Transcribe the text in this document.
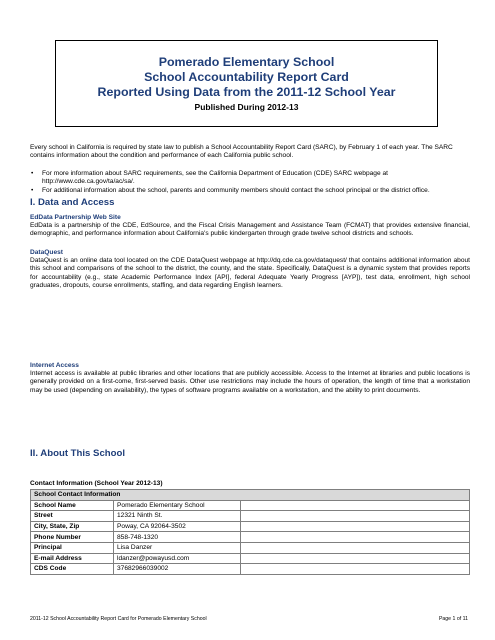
Pomerado Elementary School
School Accountability Report Card
Reported Using Data from the 2011-12 School Year
Published During 2012-13
Every school in California is required by state law to publish a School Accountability Report Card (SARC), by February 1 of each year. The SARC contains information about the condition and performance of each California public school.
• For more information about SARC requirements, see the California Department of Education (CDE) SARC webpage at http://www.cde.ca.gov/ta/ac/sa/.
• For additional information about the school, parents and community members should contact the school principal or the district office.
I. Data and Access
EdData Partnership Web Site
EdData is a partnership of the CDE, EdSource, and the Fiscal Crisis Management and Assistance Team (FCMAT) that provides extensive financial, demographic, and performance information about California's public kindergarten through grade twelve school districts and schools.
DataQuest
DataQuest is an online data tool located on the CDE DataQuest webpage at http://dq.cde.ca.gov/dataquest/ that contains additional information about this school and comparisons of the school to the district, the county, and the state. Specifically, DataQuest is a dynamic system that provides reports for accountability (e.g., state Academic Performance Index [API], federal Adequate Yearly Progress [AYP]), test data, enrollment, high school graduates, dropouts, course enrollments, staffing, and data regarding English learners.
Internet Access
Internet access is available at public libraries and other locations that are publicly accessible. Access to the Internet at libraries and public locations is generally provided on a first-come, first-served basis. Other use restrictions may include the hours of operation, the length of time that a workstation may be used (depending on availability), the types of software programs available on a workstation, and the ability to print documents.
II. About This School
Contact Information (School Year 2012-13)
School Contact Information		
School Name	Pomerado Elementary School	
Street	12321 Ninth St.	
City, State, Zip	Poway, CA 92064-3502	
Phone Number	858-748-1320	
Principal	Lisa Danzer	
E-mail Address	ldanzer@powayusd.com	
CDS Code	37682966039002	
2011-12 School Accountability Report Card for Pomerado Elementary School	Page 1 of 11
